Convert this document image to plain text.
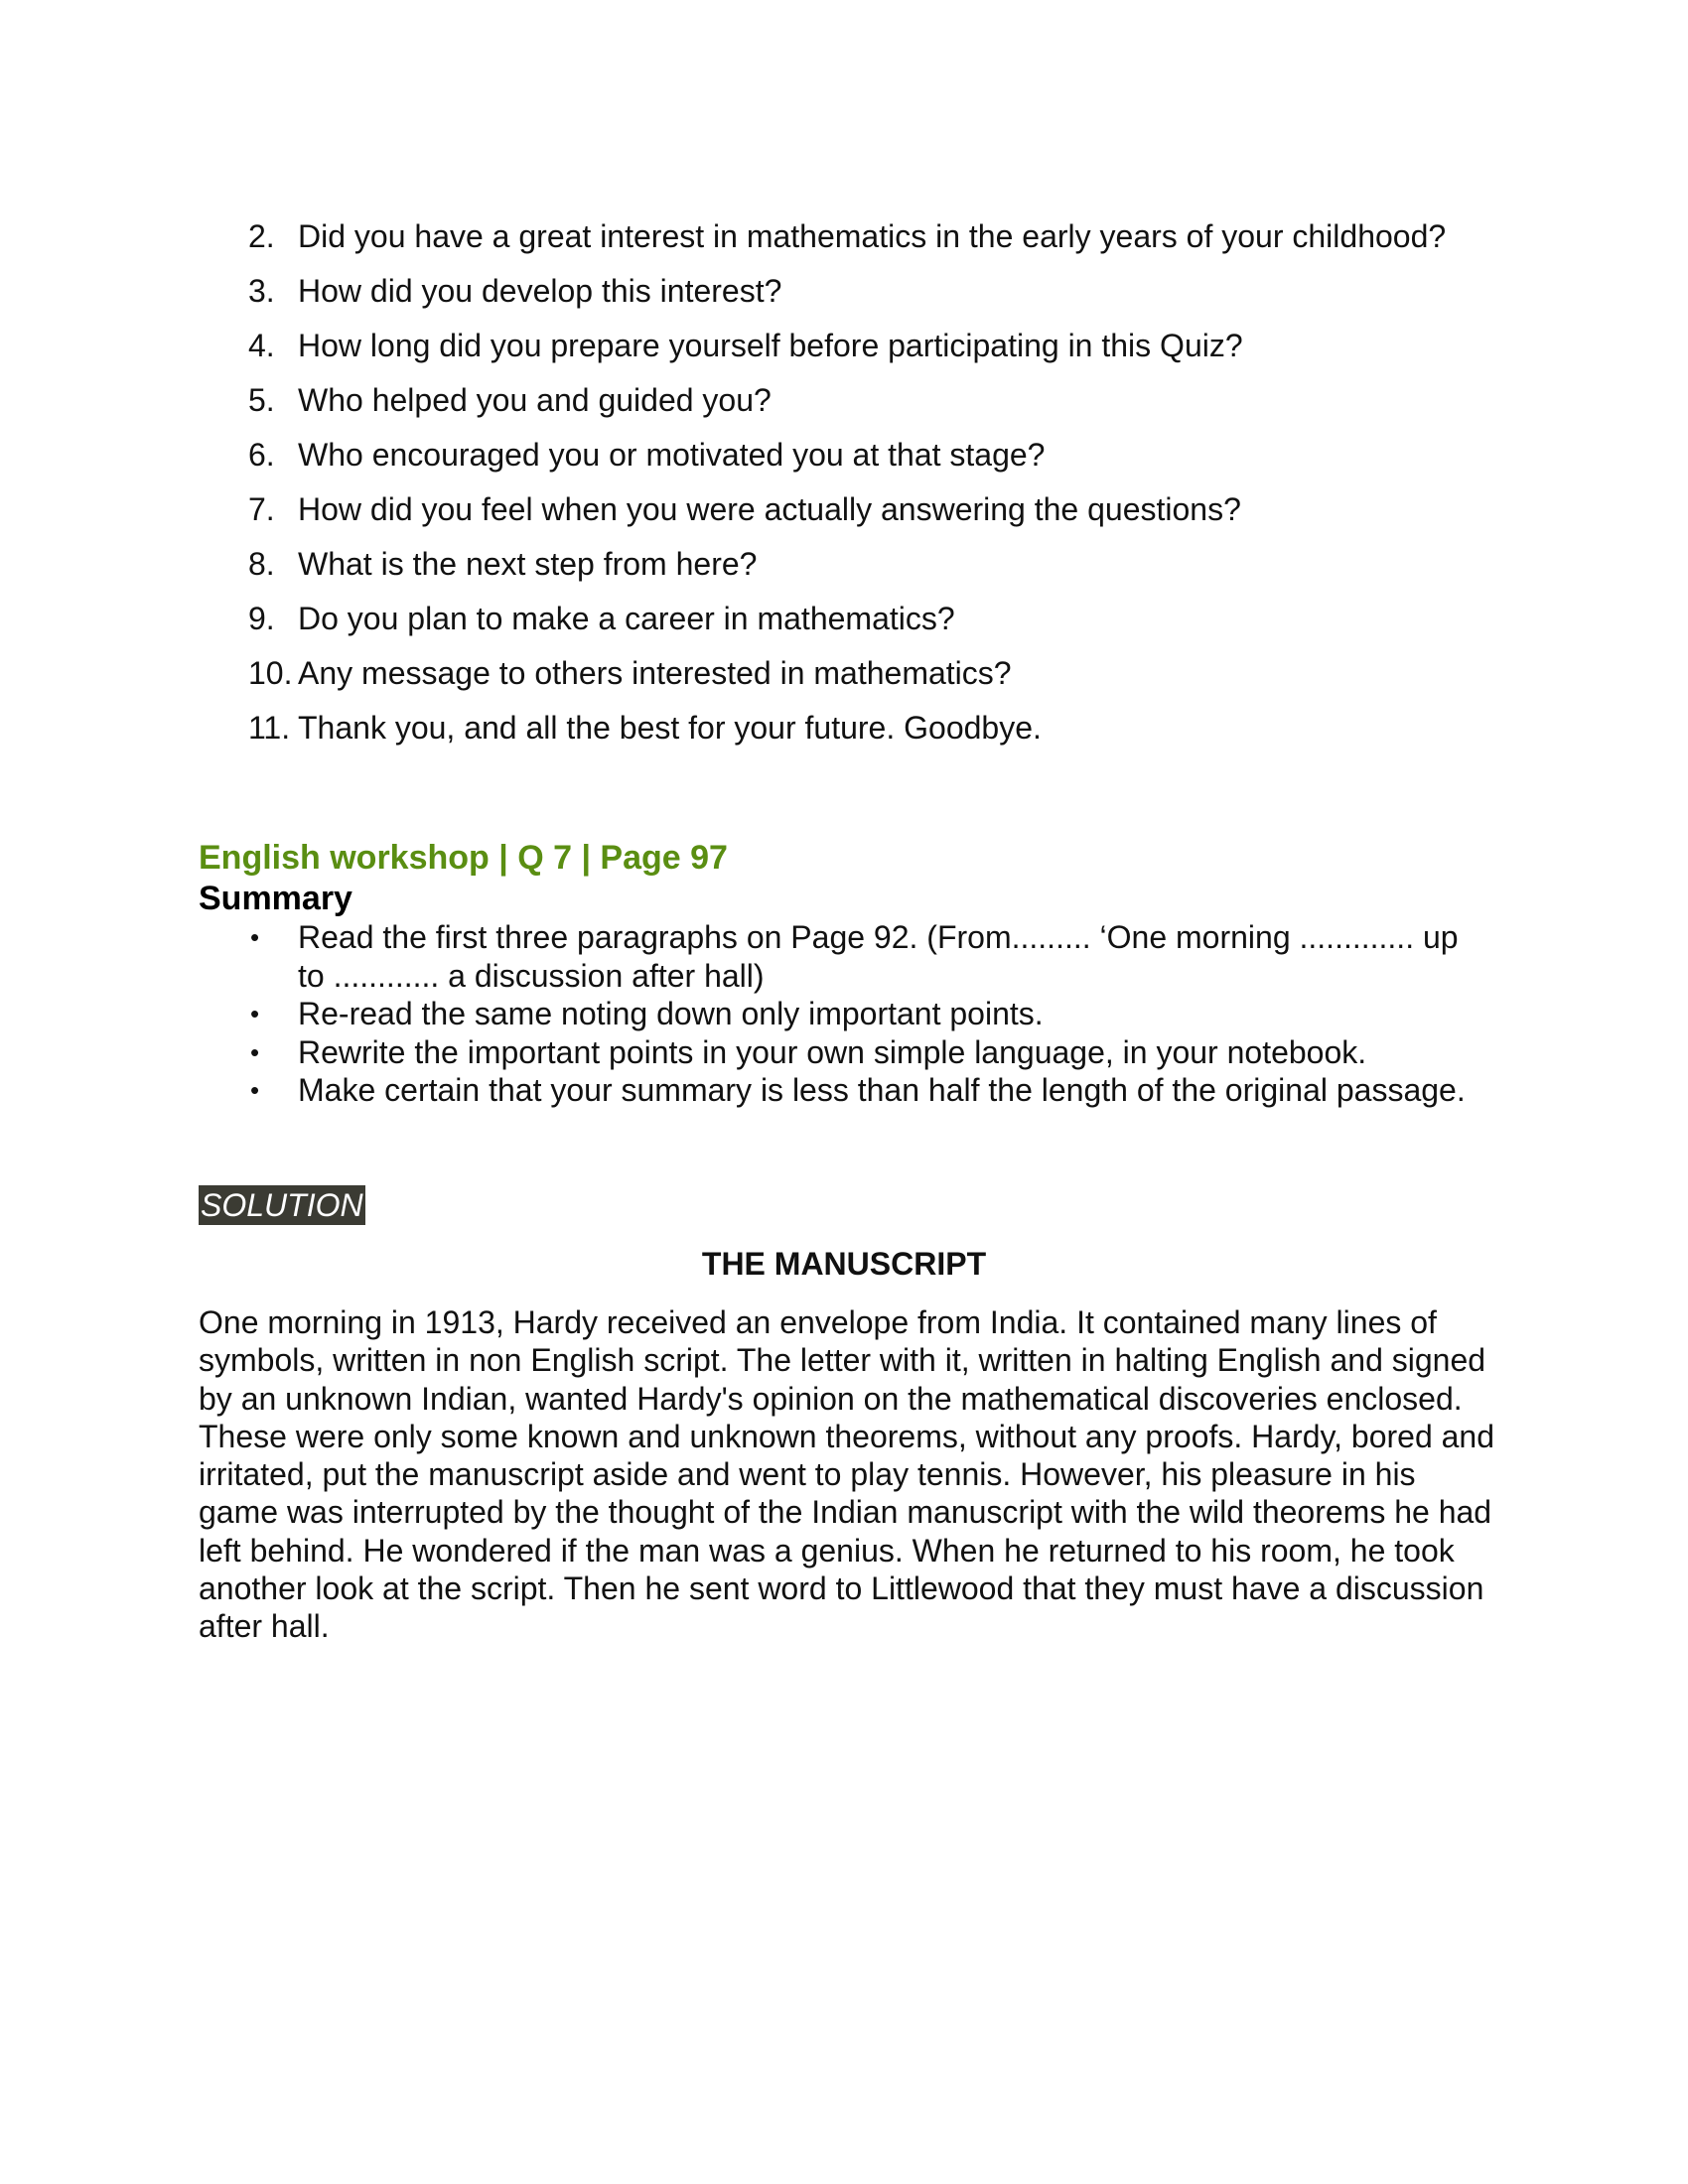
2. Did you have a great interest in mathematics in the early years of your childhood?
3. How did you develop this interest?
4. How long did you prepare yourself before participating in this Quiz?
5. Who helped you and guided you?
6. Who encouraged you or motivated you at that stage?
7. How did you feel when you were actually answering the questions?
8. What is the next step from here?
9. Do you plan to make a career in mathematics?
10. Any message to others interested in mathematics?
11. Thank you, and all the best for your future. Goodbye.
English workshop | Q 7 | Page 97
Summary
• Read the first three paragraphs on Page 92. (From......... ‘One morning ............. up to ............ a discussion after hall)
• Re-read the same noting down only important points.
• Rewrite the important points in your own simple language, in your notebook.
• Make certain that your summary is less than half the length of the original passage.
SOLUTION
THE MANUSCRIPT

One morning in 1913, Hardy received an envelope from India. It contained many lines of symbols, written in non English script. The letter with it, written in halting English and signed by an unknown Indian, wanted Hardy's opinion on the mathematical discoveries enclosed. These were only some known and unknown theorems, without any proofs. Hardy, bored and irritated, put the manuscript aside and went to play tennis. However, his pleasure in his game was interrupted by the thought of the Indian manuscript with the wild theorems he had left behind. He wondered if the man was a genius. When he returned to his room, he took another look at the script. Then he sent word to Littlewood that they must have a discussion after hall.
